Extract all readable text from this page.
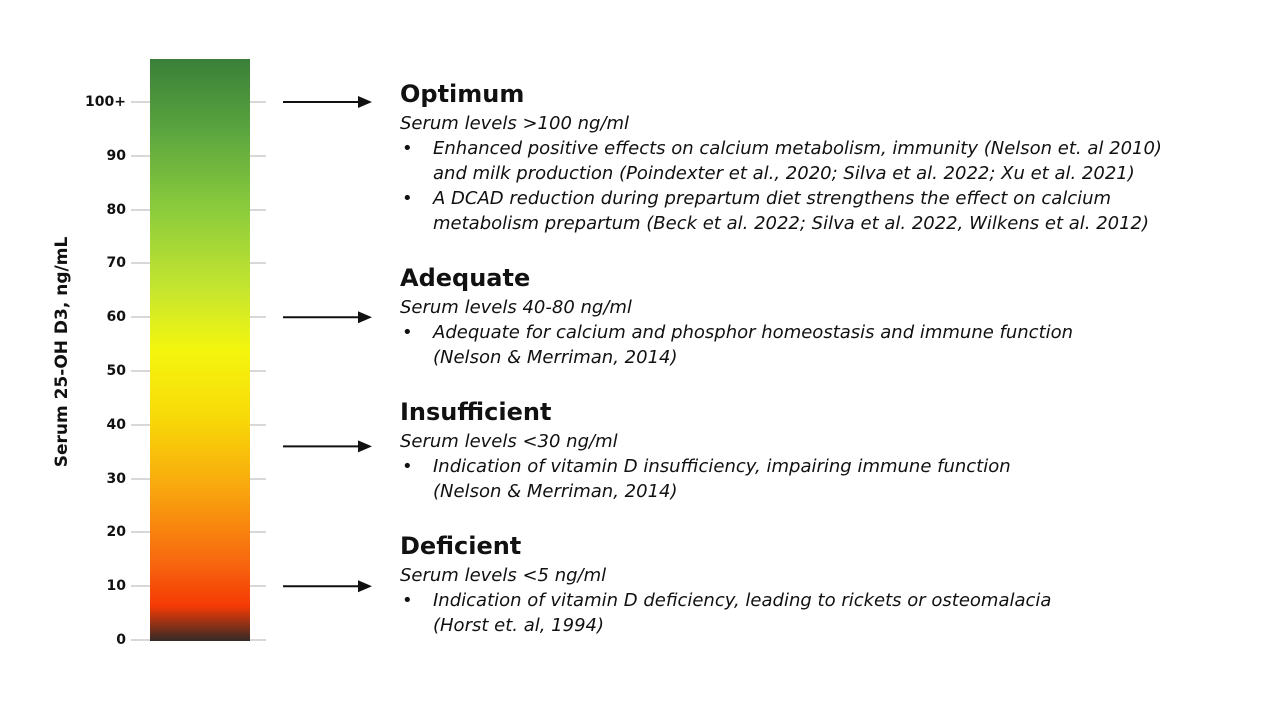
Serum 25-OH D3, ng/mL
0
10
20
30
40
50
60
70
80
90
100+	Optimum
Serum levels >100 ng/ml
• Enhanced positive effects on calcium metabolism, immunity (Nelson et. al 2010)
and milk production (Poindexter et al., 2020; Silva et al. 2022; Xu et al. 2021)
• A DCAD reduction during prepartum diet strengthens the effect on calcium
metabolism prepartum (Beck et al. 2022; Silva et al. 2022, Wilkens et al. 2012)
Adequate
Serum levels 40-80 ng/ml
• Adequate for calcium and phosphor homeostasis and immune function
(Nelson & Merriman, 2014)
Insufficient
Serum levels <30 ng/ml
• Indication of vitamin D insufficiency, impairing immune function
(Nelson & Merriman, 2014)
Deficient
Serum levels <5 ng/ml
• Indication of vitamin D deficiency, leading to rickets or osteomalacia
(Horst et. al, 1994)
